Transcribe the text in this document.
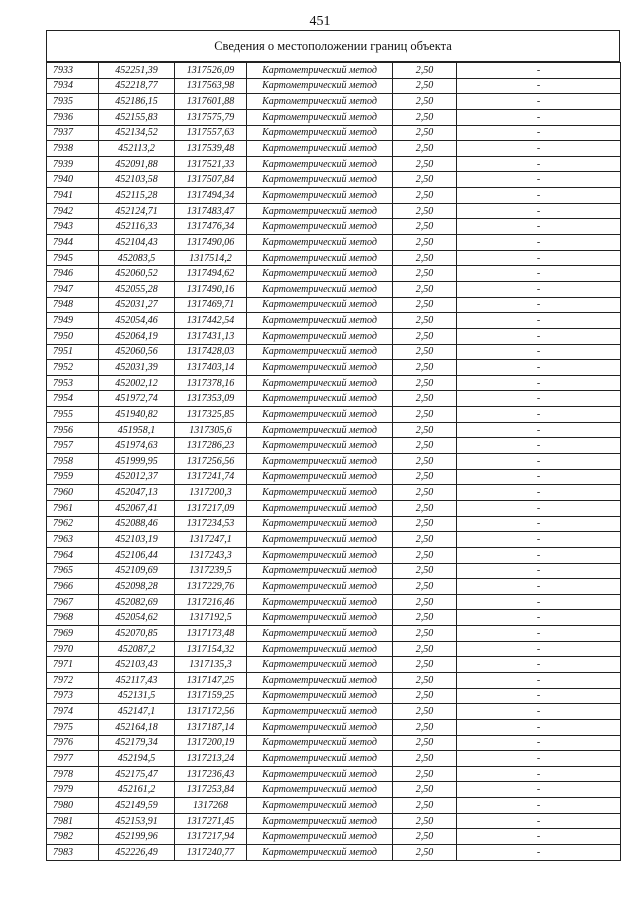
451
Сведения о местоположении границ объекта
7933	452251,39	1317526,09	Картометрический метод	2,50	-
7934	452218,77	1317563,98	Картометрический метод	2,50	-
7935	452186,15	1317601,88	Картометрический метод	2,50	-
7936	452155,83	1317575,79	Картометрический метод	2,50	-
7937	452134,52	1317557,63	Картометрический метод	2,50	-
7938	452113,2	1317539,48	Картометрический метод	2,50	-
7939	452091,88	1317521,33	Картометрический метод	2,50	-
7940	452103,58	1317507,84	Картометрический метод	2,50	-
7941	452115,28	1317494,34	Картометрический метод	2,50	-
7942	452124,71	1317483,47	Картометрический метод	2,50	-
7943	452116,33	1317476,34	Картометрический метод	2,50	-
7944	452104,43	1317490,06	Картометрический метод	2,50	-
7945	452083,5	1317514,2	Картометрический метод	2,50	-
7946	452060,52	1317494,62	Картометрический метод	2,50	-
7947	452055,28	1317490,16	Картометрический метод	2,50	-
7948	452031,27	1317469,71	Картометрический метод	2,50	-
7949	452054,46	1317442,54	Картометрический метод	2,50	-
7950	452064,19	1317431,13	Картометрический метод	2,50	-
7951	452060,56	1317428,03	Картометрический метод	2,50	-
7952	452031,39	1317403,14	Картометрический метод	2,50	-
7953	452002,12	1317378,16	Картометрический метод	2,50	-
7954	451972,74	1317353,09	Картометрический метод	2,50	-
7955	451940,82	1317325,85	Картометрический метод	2,50	-
7956	451958,1	1317305,6	Картометрический метод	2,50	-
7957	451974,63	1317286,23	Картометрический метод	2,50	-
7958	451999,95	1317256,56	Картометрический метод	2,50	-
7959	452012,37	1317241,74	Картометрический метод	2,50	-
7960	452047,13	1317200,3	Картометрический метод	2,50	-
7961	452067,41	1317217,09	Картометрический метод	2,50	-
7962	452088,46	1317234,53	Картометрический метод	2,50	-
7963	452103,19	1317247,1	Картометрический метод	2,50	-
7964	452106,44	1317243,3	Картометрический метод	2,50	-
7965	452109,69	1317239,5	Картометрический метод	2,50	-
7966	452098,28	1317229,76	Картометрический метод	2,50	-
7967	452082,69	1317216,46	Картометрический метод	2,50	-
7968	452054,62	1317192,5	Картометрический метод	2,50	-
7969	452070,85	1317173,48	Картометрический метод	2,50	-
7970	452087,2	1317154,32	Картометрический метод	2,50	-
7971	452103,43	1317135,3	Картометрический метод	2,50	-
7972	452117,43	1317147,25	Картометрический метод	2,50	-
7973	452131,5	1317159,25	Картометрический метод	2,50	-
7974	452147,1	1317172,56	Картометрический метод	2,50	-
7975	452164,18	1317187,14	Картометрический метод	2,50	-
7976	452179,34	1317200,19	Картометрический метод	2,50	-
7977	452194,5	1317213,24	Картометрический метод	2,50	-
7978	452175,47	1317236,43	Картометрический метод	2,50	-
7979	452161,2	1317253,84	Картометрический метод	2,50	-
7980	452149,59	1317268	Картометрический метод	2,50	-
7981	452153,91	1317271,45	Картометрический метод	2,50	-
7982	452199,96	1317217,94	Картометрический метод	2,50	-
7983	452226,49	1317240,77	Картометрический метод	2,50	-
